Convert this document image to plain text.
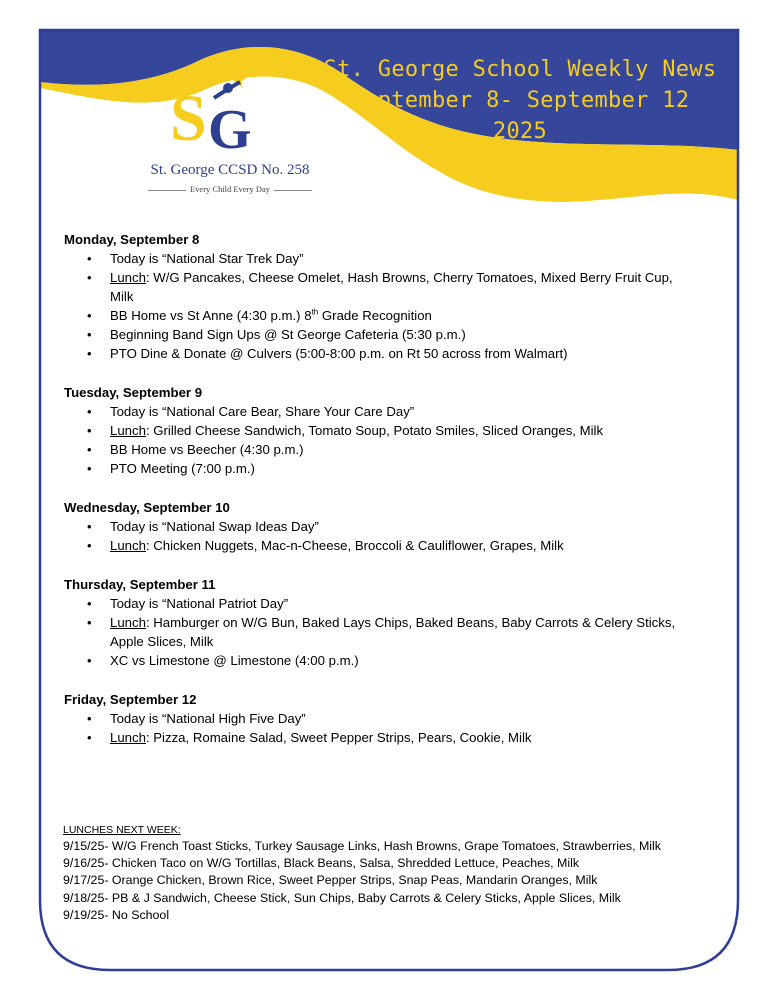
S G
St. George CCSD No. 258
Every Child Every Day
St. George School Weekly News
September 8- September 12
2025
Monday, September 8
• Today is “National Star Trek Day”
• Lunch: W/G Pancakes, Cheese Omelet, Hash Browns, Cherry Tomatoes, Mixed Berry Fruit Cup,
Milk
• BB Home vs St Anne (4:30 p.m.) 8th Grade Recognition
• Beginning Band Sign Ups @ St George Cafeteria (5:30 p.m.)
• PTO Dine & Donate @ Culvers (5:00-8:00 p.m. on Rt 50 across from Walmart)
Tuesday, September 9
• Today is “National Care Bear, Share Your Care Day”
• Lunch: Grilled Cheese Sandwich, Tomato Soup, Potato Smiles, Sliced Oranges, Milk
• BB Home vs Beecher (4:30 p.m.)
• PTO Meeting (7:00 p.m.)
Wednesday, September 10
• Today is “National Swap Ideas Day”
• Lunch: Chicken Nuggets, Mac-n-Cheese, Broccoli & Cauliflower, Grapes, Milk
Thursday, September 11
• Today is “National Patriot Day”
• Lunch: Hamburger on W/G Bun, Baked Lays Chips, Baked Beans, Baby Carrots & Celery Sticks,
Apple Slices, Milk
• XC vs Limestone @ Limestone (4:00 p.m.)
Friday, September 12
• Today is “National High Five Day”
• Lunch: Pizza, Romaine Salad, Sweet Pepper Strips, Pears, Cookie, Milk
LUNCHES NEXT WEEK:
9/15/25- W/G French Toast Sticks, Turkey Sausage Links, Hash Browns, Grape Tomatoes, Strawberries, Milk
9/16/25- Chicken Taco on W/G Tortillas, Black Beans, Salsa, Shredded Lettuce, Peaches, Milk
9/17/25- Orange Chicken, Brown Rice, Sweet Pepper Strips, Snap Peas, Mandarin Oranges, Milk
9/18/25- PB & J Sandwich, Cheese Stick, Sun Chips, Baby Carrots & Celery Sticks, Apple Slices, Milk
9/19/25- No School
